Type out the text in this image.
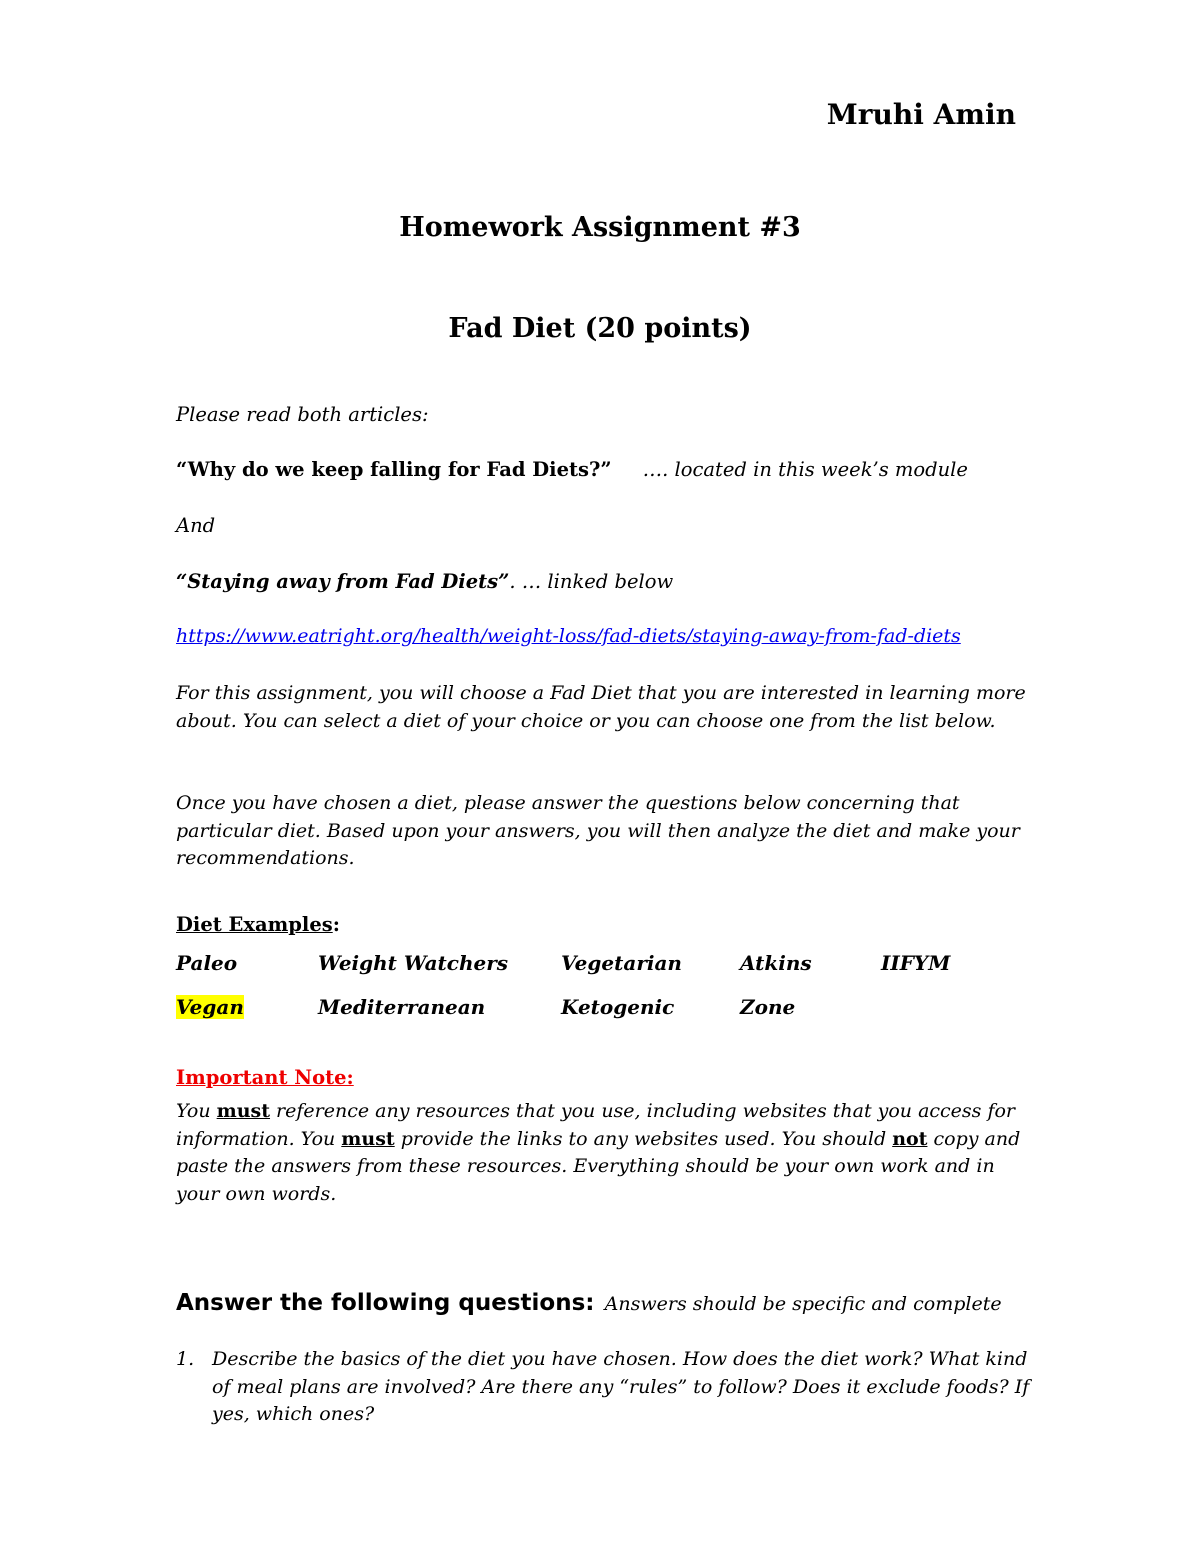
Mruhi Amin
Homework Assignment #3
Fad Diet (20 points)
Please read both articles:
“Why do we keep falling for Fad Diets?” …. located in this week’s module
And
“Staying away from Fad Diets”. … linked below
https://www.eatright.org/health/weight-loss/fad-diets/staying-away-from-fad-diets
For this assignment, you will choose a Fad Diet that you are interested in learning more about. You can select a diet of your choice or you can choose one from the list below.
Once you have chosen a diet, please answer the questions below concerning that particular diet. Based upon your answers, you will then analyze the diet and make your recommendations.
Diet Examples:
Paleo	Weight Watchers	Vegetarian	Atkins	IIFYM
Vegan	Mediterranean	Ketogenic	Zone
Important Note:
You must reference any resources that you use, including websites that you access for information. You must provide the links to any websites used. You should not copy and paste the answers from these resources. Everything should be your own work and in your own words.
Answer the following questions: Answers should be specific and complete
1. Describe the basics of the diet you have chosen. How does the diet work? What kind of meal plans are involved? Are there any “rules” to follow? Does it exclude foods? If yes, which ones?
